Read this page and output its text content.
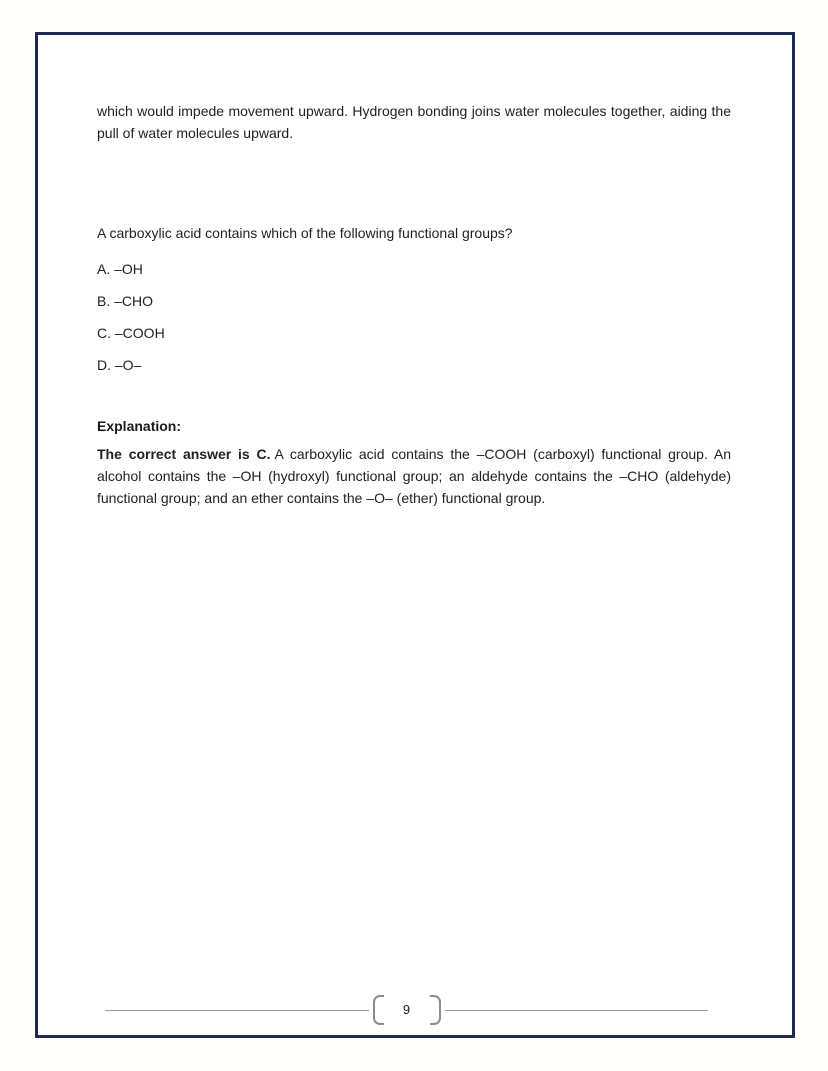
which would impede movement upward. Hydrogen bonding joins water molecules together, aiding the pull of water molecules upward.

A carboxylic acid contains which of the following functional groups?

A. –OH

B. –CHO

C. –COOH

D. –O–

Explanation:

The correct answer is C. A carboxylic acid contains the –COOH (carboxyl) functional group. An alcohol contains the –OH (hydroxyl) functional group; an aldehyde contains the –CHO (aldehyde) functional group; and an ether contains the –O– (ether) functional group.

9
